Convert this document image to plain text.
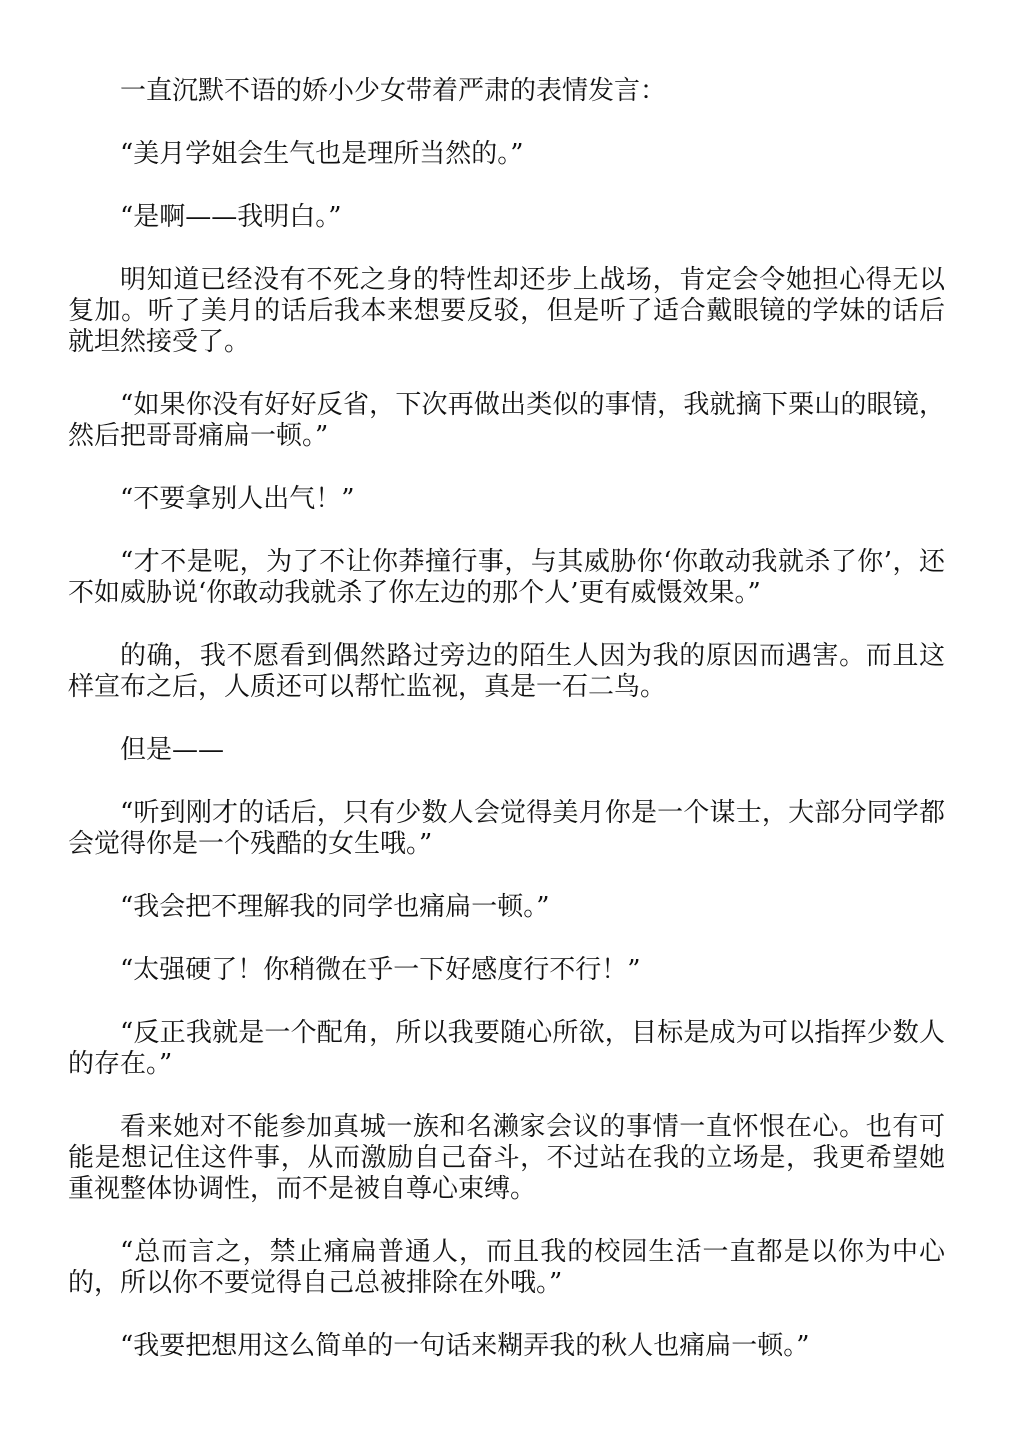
一直沉默不语的娇小少女带着严肃的表情发言：

“美月学姐会生气也是理所当然的。”

“是啊——我明白。”

明知道已经没有不死之身的特性却还步上战场，肯定会令她担心得无以复加。听了美月的话后我本来想要反驳，但是听了适合戴眼镜的学妹的话后就坦然接受了。

“如果你没有好好反省，下次再做出类似的事情，我就摘下栗山的眼镜，然后把哥哥痛扁一顿。”

“不要拿别人出气！”

“才不是呢，为了不让你莽撞行事，与其威胁你‘你敢动我就杀了你’，还不如威胁说‘你敢动我就杀了你左边的那个人’更有威慑效果。”

的确，我不愿看到偶然路过旁边的陌生人因为我的原因而遇害。而且这样宣布之后，人质还可以帮忙监视，真是一石二鸟。

但是——

“听到刚才的话后，只有少数人会觉得美月你是一个谋士，大部分同学都会觉得你是一个残酷的女生哦。”

“我会把不理解我的同学也痛扁一顿。”

“太强硬了！你稍微在乎一下好感度行不行！”

“反正我就是一个配角，所以我要随心所欲，目标是成为可以指挥少数人的存在。”

看来她对不能参加真城一族和名濑家会议的事情一直怀恨在心。也有可能是想记住这件事，从而激励自己奋斗，不过站在我的立场是，我更希望她重视整体协调性，而不是被自尊心束缚。

“总而言之，禁止痛扁普通人，而且我的校园生活一直都是以你为中心的，所以你不要觉得自己总被排除在外哦。”

“我要把想用这么简单的一句话来糊弄我的秋人也痛扁一顿。”
